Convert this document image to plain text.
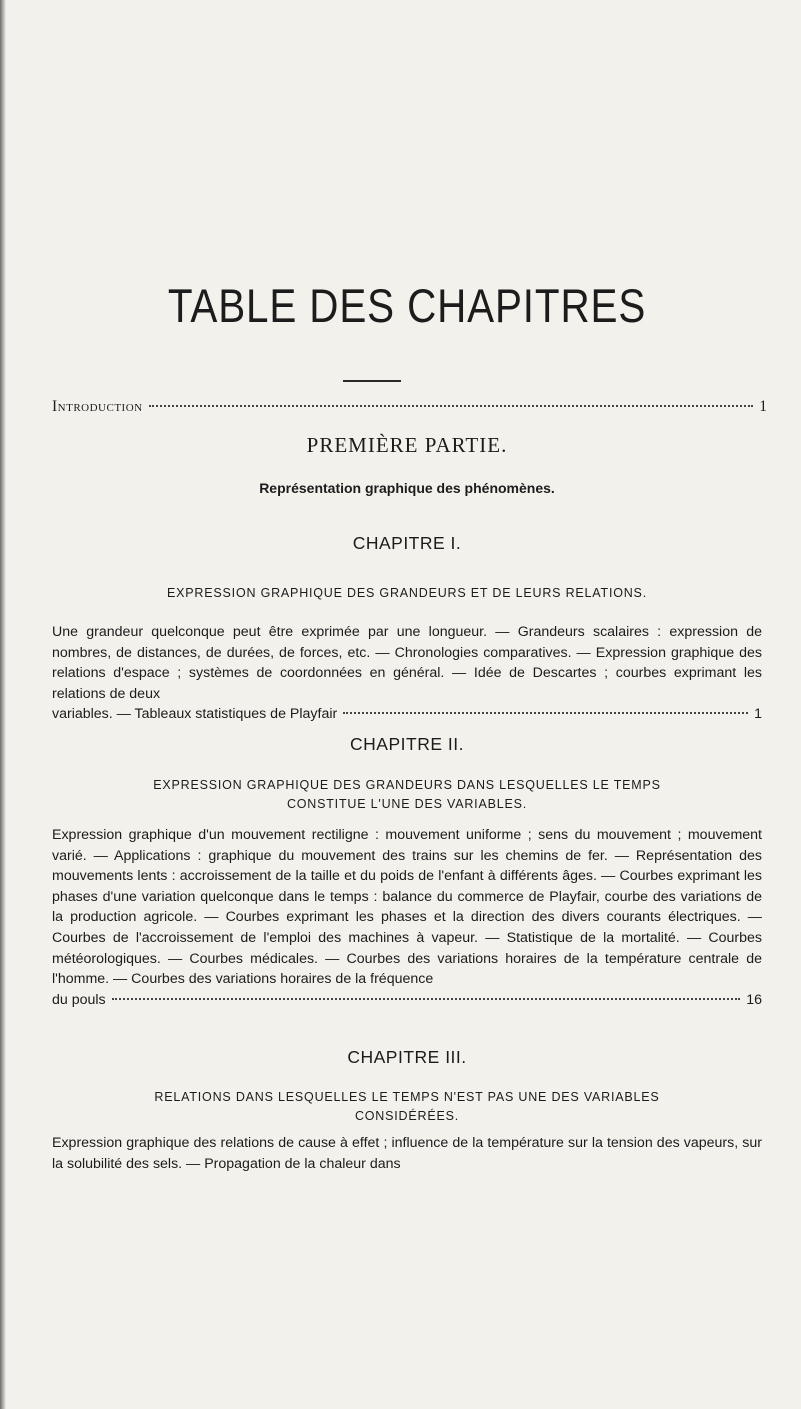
TABLE DES CHAPITRES
Introduction	1
PREMIÈRE PARTIE.
Représentation graphique des phénomènes.
CHAPITRE I.
EXPRESSION GRAPHIQUE DES GRANDEURS ET DE LEURS RELATIONS.
Une grandeur quelconque peut être exprimée par une longueur. — Grandeurs scalaires : expression de nombres, de distances, de durées, de forces, etc. — Chronologies comparatives. — Expression graphique des relations d'espace ; systèmes de coordonnées en général. — Idée de Descartes ; courbes exprimant les relations de deux
variables. — Tableaux statistiques de Playfair	1
CHAPITRE II.
EXPRESSION GRAPHIQUE DES GRANDEURS DANS LESQUELLES LE TEMPS CONSTITUE L'UNE DES VARIABLES.
Expression graphique d'un mouvement rectiligne : mouvement uniforme ; sens du mouvement ; mouvement varié. — Applications : graphique du mouvement des trains sur les chemins de fer. — Représentation des mouvements lents : accroissement de la taille et du poids de l'enfant à différents âges. — Courbes exprimant les phases d'une variation quelconque dans le temps : balance du commerce de Playfair, courbe des variations de la production agricole. — Courbes exprimant les phases et la direction des divers courants électriques. — Courbes de l'accroissement de l'emploi des machines à vapeur. — Statistique de la mortalité. — Courbes météorologiques. — Courbes médicales. — Courbes des variations horaires de la température centrale de l'homme. — Courbes des variations horaires de la fréquence
du pouls	16
CHAPITRE III.
RELATIONS DANS LESQUELLES LE TEMPS N'EST PAS UNE DES VARIABLES CONSIDÉRÉES.
Expression graphique des relations de cause à effet ; influence de la température sur la tension des vapeurs, sur la solubilité des sels. — Propagation de la chaleur dans
